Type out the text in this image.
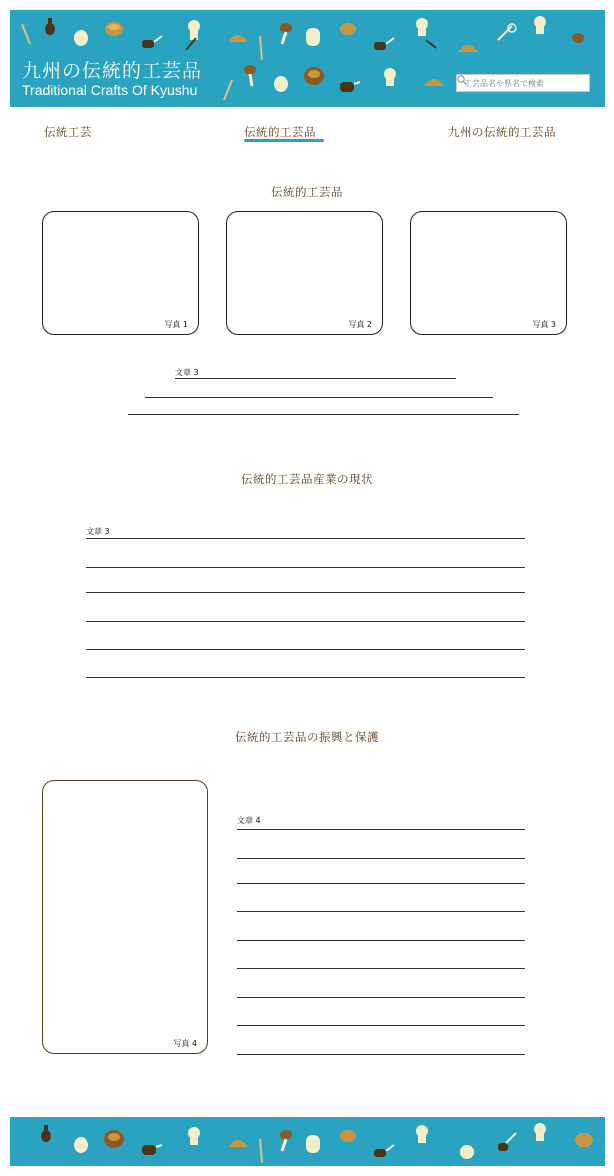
九州の伝統的工芸品
Traditional Crafts Of Kyushu
工芸品名や県名で検索
伝統工芸	伝統的工芸品	九州の伝統的工芸品
伝統的工芸品
写真 1	写真 2	写真 3
文章 3
伝統的工芸品産業の現状
文章 3
伝統的工芸品の振興と保護
写真 4
文章 4
